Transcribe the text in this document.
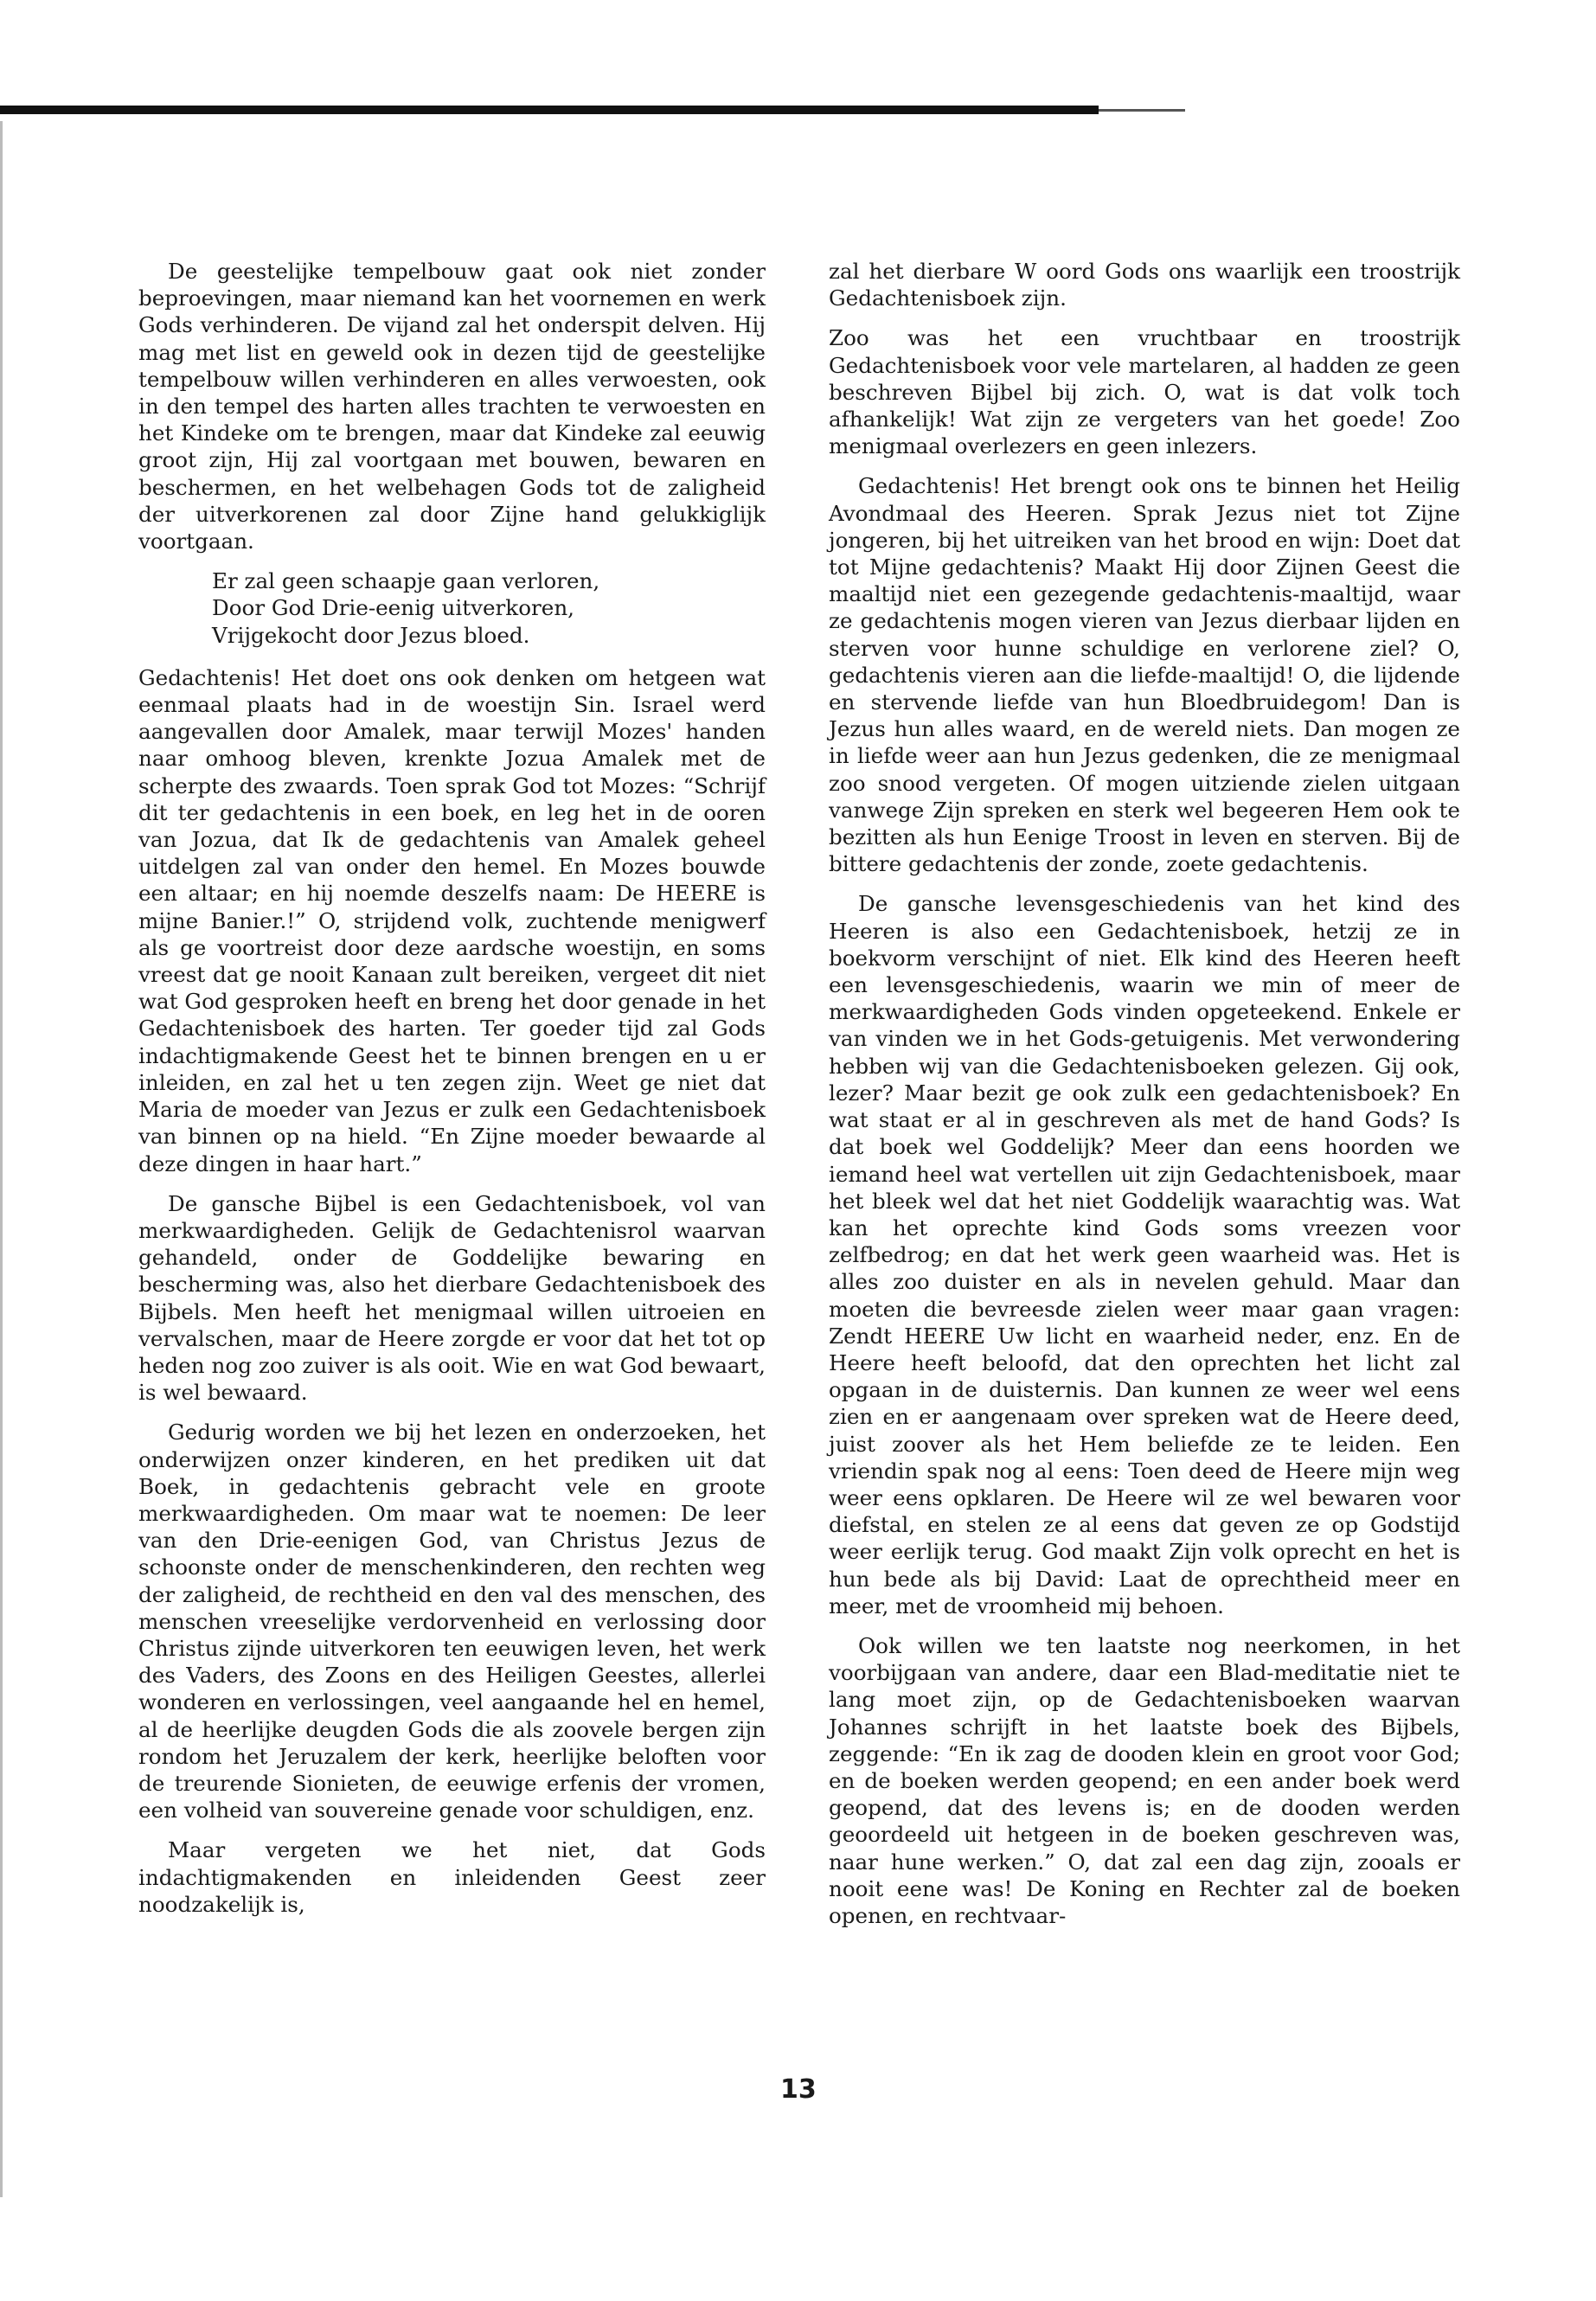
De geestelijke tempelbouw gaat ook niet zonder beproevingen, maar niemand kan het voornemen en werk Gods verhinderen. De vijand zal het onderspit delven. Hij mag met list en geweld ook in dezen tijd de geestelijke tempelbouw willen verhinderen en alles verwoesten, ook in den tempel des harten alles trachten te verwoesten en het Kindeke om te brengen, maar dat Kindeke zal eeuwig groot zijn, Hij zal voortgaan met bouwen, bewaren en beschermen, en het welbehagen Gods tot de zaligheid der uitverkorenen zal door Zijne hand gelukkiglijk voortgaan.

Er zal geen schaapje gaan verloren,
Door God Drie-eenig uitverkoren,
Vrijgekocht door Jezus bloed.

Gedachtenis! Het doet ons ook denken om hetgeen wat eenmaal plaats had in de woestijn Sin. Israel werd aangevallen door Amalek, maar terwijl Mozes' handen naar omhoog bleven, krenkte Jozua Amalek met de scherpte des zwaards. Toen sprak God tot Mozes: “Schrijf dit ter gedachtenis in een boek, en leg het in de ooren van Jozua, dat Ik de gedachtenis van Amalek geheel uitdelgen zal van onder den hemel. En Mozes bouwde een altaar; en hij noemde deszelfs naam: De HEERE is mijne Banier.!” O, strijdend volk, zuchtende menigwerf als ge voortreist door deze aardsche woestijn, en soms vreest dat ge nooit Kanaan zult bereiken, vergeet dit niet wat God gesproken heeft en breng het door genade in het Gedachtenisboek des harten. Ter goeder tijd zal Gods indachtigmakende Geest het te binnen brengen en u er inleiden, en zal het u ten zegen zijn. Weet ge niet dat Maria de moeder van Jezus er zulk een Gedachtenisboek van binnen op na hield. “En Zijne moeder bewaarde al deze dingen in haar hart.”

De gansche Bijbel is een Gedachtenisboek, vol van merkwaardigheden. Gelijk de Gedachtenisrol waarvan gehandeld, onder de Goddelijke bewaring en bescherming was, also het dierbare Gedachtenisboek des Bijbels. Men heeft het menigmaal willen uitroeien en vervalschen, maar de Heere zorgde er voor dat het tot op heden nog zoo zuiver is als ooit. Wie en wat God bewaart, is wel bewaard.

Gedurig worden we bij het lezen en onderzoeken, het onderwijzen onzer kinderen, en het prediken uit dat Boek, in gedachtenis gebracht vele en groote merkwaardigheden. Om maar wat te noemen: De leer van den Drie-eenigen God, van Christus Jezus de schoonste onder de menschenkinderen, den rechten weg der zaligheid, de rechtheid en den val des menschen, des menschen vreeselijke verdorvenheid en verlossing door Christus zijnde uitverkoren ten eeuwigen leven, het werk des Vaders, des Zoons en des Heiligen Geestes, allerlei wonderen en verlossingen, veel aangaande hel en hemel, al de heerlijke deugden Gods die als zoovele bergen zijn rondom het Jeruzalem der kerk, heerlijke beloften voor de treurende Sionieten, de eeuwige erfenis der vromen, een volheid van souvereine genade voor schuldigen, enz.

Maar vergeten we het niet, dat Gods indachtigmakenden en inleidenden Geest zeer noodzakelijk is,

zal het dierbare W oord Gods ons waarlijk een troostrijk Gedachtenisboek zijn.

Zoo was het een vruchtbaar en troostrijk Gedachtenisboek voor vele martelaren, al hadden ze geen beschreven Bijbel bij zich. O, wat is dat volk toch afhankelijk! Wat zijn ze vergeters van het goede! Zoo menigmaal overlezers en geen inlezers.

Gedachtenis! Het brengt ook ons te binnen het Heilig Avondmaal des Heeren. Sprak Jezus niet tot Zijne jongeren, bij het uitreiken van het brood en wijn: Doet dat tot Mijne gedachtenis? Maakt Hij door Zijnen Geest die maaltijd niet een gezegende gedachtenis-maaltijd, waar ze gedachtenis mogen vieren van Jezus dierbaar lijden en sterven voor hunne schuldige en verlorene ziel? O, gedachtenis vieren aan die liefde-maaltijd! O, die lijdende en stervende liefde van hun Bloedbruidegom! Dan is Jezus hun alles waard, en de wereld niets. Dan mogen ze in liefde weer aan hun Jezus gedenken, die ze menigmaal zoo snood vergeten. Of mogen uitziende zielen uitgaan vanwege Zijn spreken en sterk wel begeeren Hem ook te bezitten als hun Eenige Troost in leven en sterven. Bij de bittere gedachtenis der zonde, zoete gedachtenis.

De gansche levensgeschiedenis van het kind des Heeren is also een Gedachtenisboek, hetzij ze in boekvorm verschijnt of niet. Elk kind des Heeren heeft een levensgeschiedenis, waarin we min of meer de merkwaardigheden Gods vinden opgeteekend. Enkele er van vinden we in het Gods-getuigenis. Met verwondering hebben wij van die Gedachtenisboeken gelezen. Gij ook, lezer? Maar bezit ge ook zulk een gedachtenisboek? En wat staat er al in geschreven als met de hand Gods? Is dat boek wel Goddelijk? Meer dan eens hoorden we iemand heel wat vertellen uit zijn Gedachtenisboek, maar het bleek wel dat het niet Goddelijk waarachtig was. Wat kan het oprechte kind Gods soms vreezen voor zelfbedrog; en dat het werk geen waarheid was. Het is alles zoo duister en als in nevelen gehuld. Maar dan moeten die bevreesde zielen weer maar gaan vragen: Zendt HEERE Uw licht en waarheid neder, enz. En de Heere heeft beloofd, dat den oprechten het licht zal opgaan in de duisternis. Dan kunnen ze weer wel eens zien en er aangenaam over spreken wat de Heere deed, juist zoover als het Hem beliefde ze te leiden. Een vriendin spak nog al eens: Toen deed de Heere mijn weg weer eens opklaren. De Heere wil ze wel bewaren voor diefstal, en stelen ze al eens dat geven ze op Godstijd weer eerlijk terug. God maakt Zijn volk oprecht en het is hun bede als bij David: Laat de oprechtheid meer en meer, met de vroomheid mij behoen.

Ook willen we ten laatste nog neerkomen, in het voorbijgaan van andere, daar een Blad-meditatie niet te lang moet zijn, op de Gedachtenisboeken waarvan Johannes schrijft in het laatste boek des Bijbels, zeggende: “En ik zag de dooden klein en groot voor God; en de boeken werden geopend; en een ander boek werd geopend, dat des levens is; en de dooden werden geoordeeld uit hetgeen in de boeken geschreven was, naar hune werken.” O, dat zal een dag zijn, zooals er nooit eene was! De Koning en Rechter zal de boeken openen, en rechtvaar-

13
